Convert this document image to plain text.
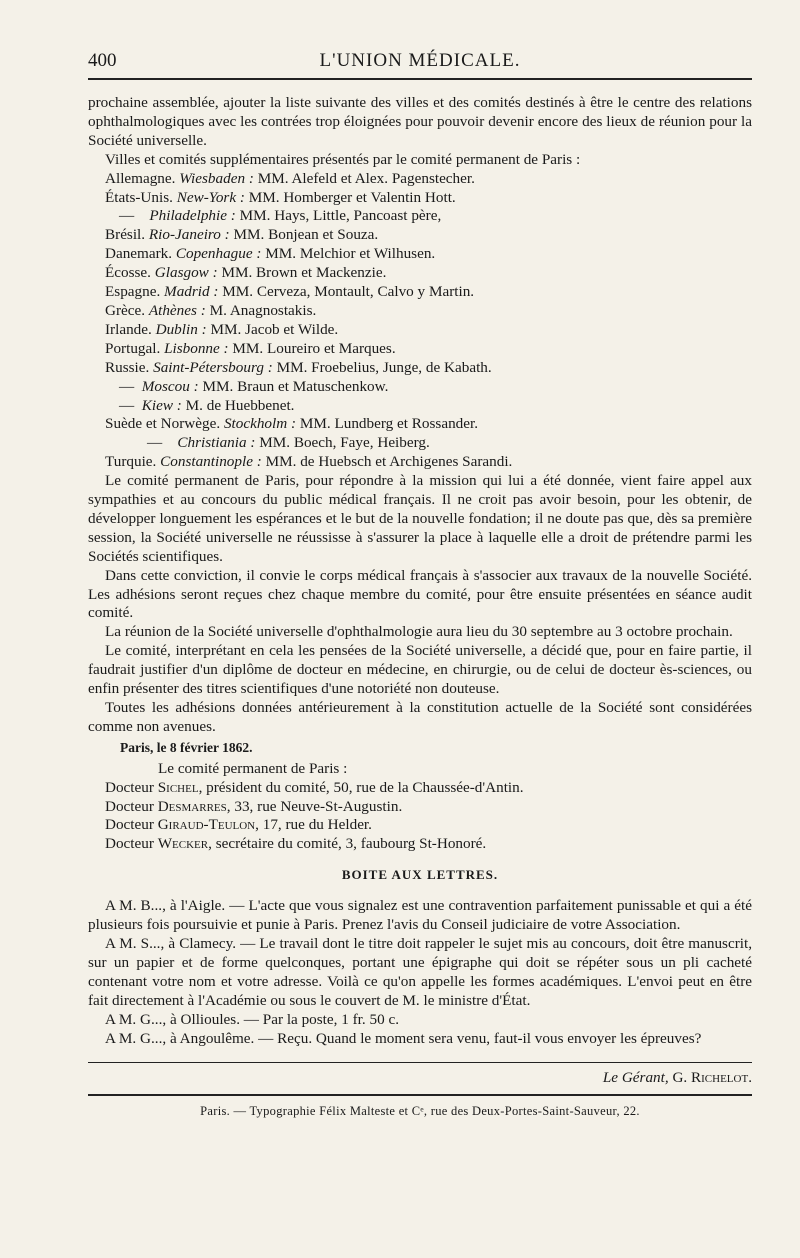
400	L'UNION MÉDICALE.

prochaine assemblée, ajouter la liste suivante des villes et des comités destinés à être le centre des relations ophthalmologiques avec les contrées trop éloignées pour pouvoir devenir encore des lieux de réunion pour la Société universelle.

Villes et comités supplémentaires présentés par le comité permanent de Paris :

Allemagne. Wiesbaden : MM. Alefeld et Alex. Pagenstecher.
États-Unis. New-York : MM. Homberger et Valentin Hott.
— Philadelphie : MM. Hays, Little, Pancoast père,
Brésil. Rio-Janeiro : MM. Bonjean et Souza.
Danemark. Copenhague : MM. Melchior et Wilhusen.
Écosse. Glasgow : MM. Brown et Mackenzie.
Espagne. Madrid : MM. Cerveza, Montault, Calvo y Martin.
Grèce. Athènes : M. Anagnostakis.
Irlande. Dublin : MM. Jacob et Wilde.
Portugal. Lisbonne : MM. Loureiro et Marques.
Russie. Saint-Pétersbourg : MM. Froebelius, Junge, de Kabath.
— Moscou : MM. Braun et Matuschenkow.
— Kiew : M. de Huebbenet.
Suède et Norwège. Stockholm : MM. Lundberg et Rossander.
— Christiania : MM. Boech, Faye, Heiberg.
Turquie. Constantinople : MM. de Huebsch et Archigenes Sarandi.

Le comité permanent de Paris, pour répondre à la mission qui lui a été donnée, vient faire appel aux sympathies et au concours du public médical français. Il ne croit pas avoir besoin, pour les obtenir, de développer longuement les espérances et le but de la nouvelle fondation; il ne doute pas que, dès sa première session, la Société universelle ne réussisse à s'assurer la place à laquelle elle a droit de prétendre parmi les Sociétés scientifiques.

Dans cette conviction, il convie le corps médical français à s'associer aux travaux de la nouvelle Société. Les adhésions seront reçues chez chaque membre du comité, pour être ensuite présentées en séance audit comité.

La réunion de la Société universelle d'ophthalmologie aura lieu du 30 septembre au 3 octobre prochain.

Le comité, interprétant en cela les pensées de la Société universelle, a décidé que, pour en faire partie, il faudrait justifier d'un diplôme de docteur en médecine, en chirurgie, ou de celui de docteur ès-sciences, ou enfin présenter des titres scientifiques d'une notoriété non douteuse.

Toutes les adhésions données antérieurement à la constitution actuelle de la Société sont considérées comme non avenues.

Paris, le 8 février 1862.
Le comité permanent de Paris :
Docteur Sichel, président du comité, 50, rue de la Chaussée-d'Antin.
Docteur Desmarres, 33, rue Neuve-St-Augustin.
Docteur Giraud-Teulon, 17, rue du Helder.
Docteur Wecker, secrétaire du comité, 3, faubourg St-Honoré.
BOITE AUX LETTRES.

A M. B..., à l'Aigle. — L'acte que vous signalez est une contravention parfaitement punissable et qui a été plusieurs fois poursuivie et punie à Paris. Prenez l'avis du Conseil judiciaire de votre Association.

A M. S..., à Clamecy. — Le travail dont le titre doit rappeler le sujet mis au concours, doit être manuscrit, sur un papier et de forme quelconques, portant une épigraphe qui doit se répéter sous un pli cacheté contenant votre nom et votre adresse. Voilà ce qu'on appelle les formes académiques. L'envoi peut en être fait directement à l'Académie ou sous le couvert de M. le ministre d'État.

A M. G..., à Ollioules. — Par la poste, 1 fr. 50 c.

A M. G..., à Angoulême. — Reçu. Quand le moment sera venu, faut-il vous envoyer les épreuves?

Le Gérant, G. Richelot.
Paris. — Typographie Félix Malteste et Cᵉ, rue des Deux-Portes-Saint-Sauveur, 22.
